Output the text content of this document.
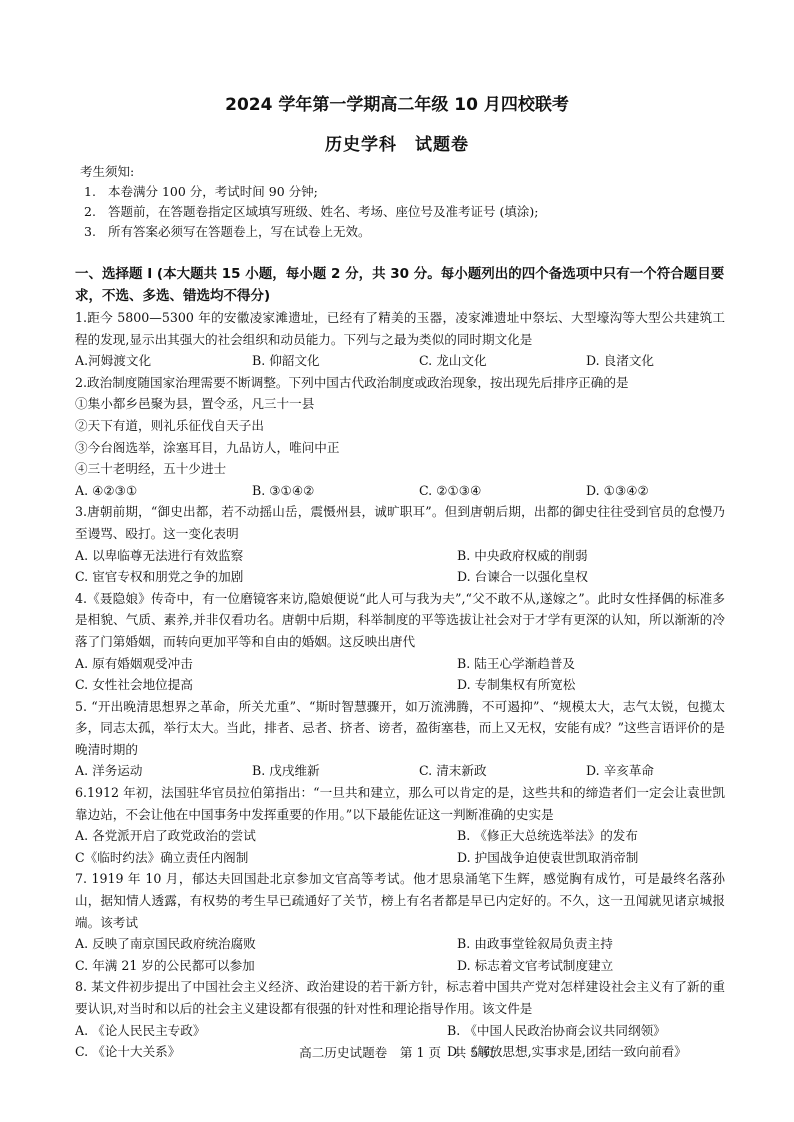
2024 学年第一学期高二年级 10 月四校联考
历史学科　试题卷
考生须知:
1. 本卷满分 100 分，考试时间 90 分钟;
2. 答题前，在答题卷指定区域填写班级、姓名、考场、座位号及准考证号 (填涂);
3. 所有答案必须写在答题卷上，写在试卷上无效。
一、选择题 I (本大题共 15 小题，每小题 2 分，共 30 分。每小题列出的四个备选项中只有一个符合题目要求，不选、多选、错选均不得分)
1.距今 5800—5300 年的安徽凌家滩遗址，已经有了精美的玉器，凌家滩遗址中祭坛、大型壕沟等大型公共建筑工程的发现,显示出其强大的社会组织和动员能力。下列与之最为类似的同时期文化是
A.河姆渡文化	B. 仰韶文化	C. 龙山文化	D. 良渚文化
2.政治制度随国家治理需要不断调整。下列中国古代政治制度或政治现象，按出现先后排序正确的是
①集小都乡邑聚为县，置令丞，凡三十一县
②天下有道，则礼乐征伐自天子出
③今台阁选举，涂塞耳目，九品访人，唯问中正
④三十老明经，五十少进士
A. ④②③①	B. ③①④②	C. ②①③④	D. ①③④②
3.唐朝前期，“御史出都，若不动摇山岳，震慑州县，诚旷职耳”。但到唐朝后期，出都的御史往往受到官员的怠慢乃至谩骂、殴打。这一变化表明
A. 以卑临尊无法进行有效监察	B. 中央政府权威的削弱
C. 宦官专权和朋党之争的加剧	D. 台谏合一以强化皇权
4.《聂隐娘》传奇中，有一位磨镜客来访,隐娘便说“此人可与我为夫”,“父不敢不从,遂嫁之”。此时女性择偶的标准多是相貌、气质、素养,并非仅看功名。唐朝中后期，科举制度的平等选拔让社会对于才学有更深的认知，所以渐渐的冷落了门第婚姻，而转向更加平等和自由的婚姻。这反映出唐代
A. 原有婚姻观受冲击	B. 陆王心学渐趋普及
C. 女性社会地位提高	D. 专制集权有所宽松
5. “开出晚清思想界之革命，所关尤重”、“斯时智慧骤开，如万流沸腾，不可遏抑”、“规模太大，志气太锐，包揽太多，同志太孤，举行太大。当此，排者、忌者、挤者、谤者，盈街塞巷，而上又无权，安能有成？”这些言语评价的是晚清时期的
A. 洋务运动	B. 戊戌维新	C. 清末新政	D. 辛亥革命
6.1912 年初，法国驻华官员拉伯第指出：“一旦共和建立，那么可以肯定的是，这些共和的缔造者们一定会让袁世凯靠边站，不会让他在中国事务中发挥重要的作用。”以下最能佐证这一判断准确的史实是
A. 各党派开启了政党政治的尝试	B. 《修正大总统选举法》的发布
C《临时约法》确立责任内阁制	D. 护国战争迫使袁世凯取消帝制
7. 1919 年 10 月，郁达夫回国赴北京参加文官高等考试。他才思泉涌笔下生辉，感觉胸有成竹，可是最终名落孙山，据知情人透露，有权势的考生早已疏通好了关节，榜上有名者都是早已内定好的。不久，这一丑闻就见诸京城报端。该考试
A. 反映了南京国民政府统治腐败	B. 由政事堂铨叙局负责主持
C. 年满 21 岁的公民都可以参加	D. 标志着文官考试制度建立
8. 某文件初步提出了中国社会主义经济、政治建设的若干新方针，标志着中国共产党对怎样建设社会主义有了新的重要认识,对当时和以后的社会主义建设都有很强的针对性和理论指导作用。该文件是
A. 《论人民民主专政》	B. 《中国人民政治协商会议共同纲领》
C. 《论十大关系》	D. 《解放思想,实事求是,团结一致向前看》
高二历史试题卷　第 1 页　共 5 页
